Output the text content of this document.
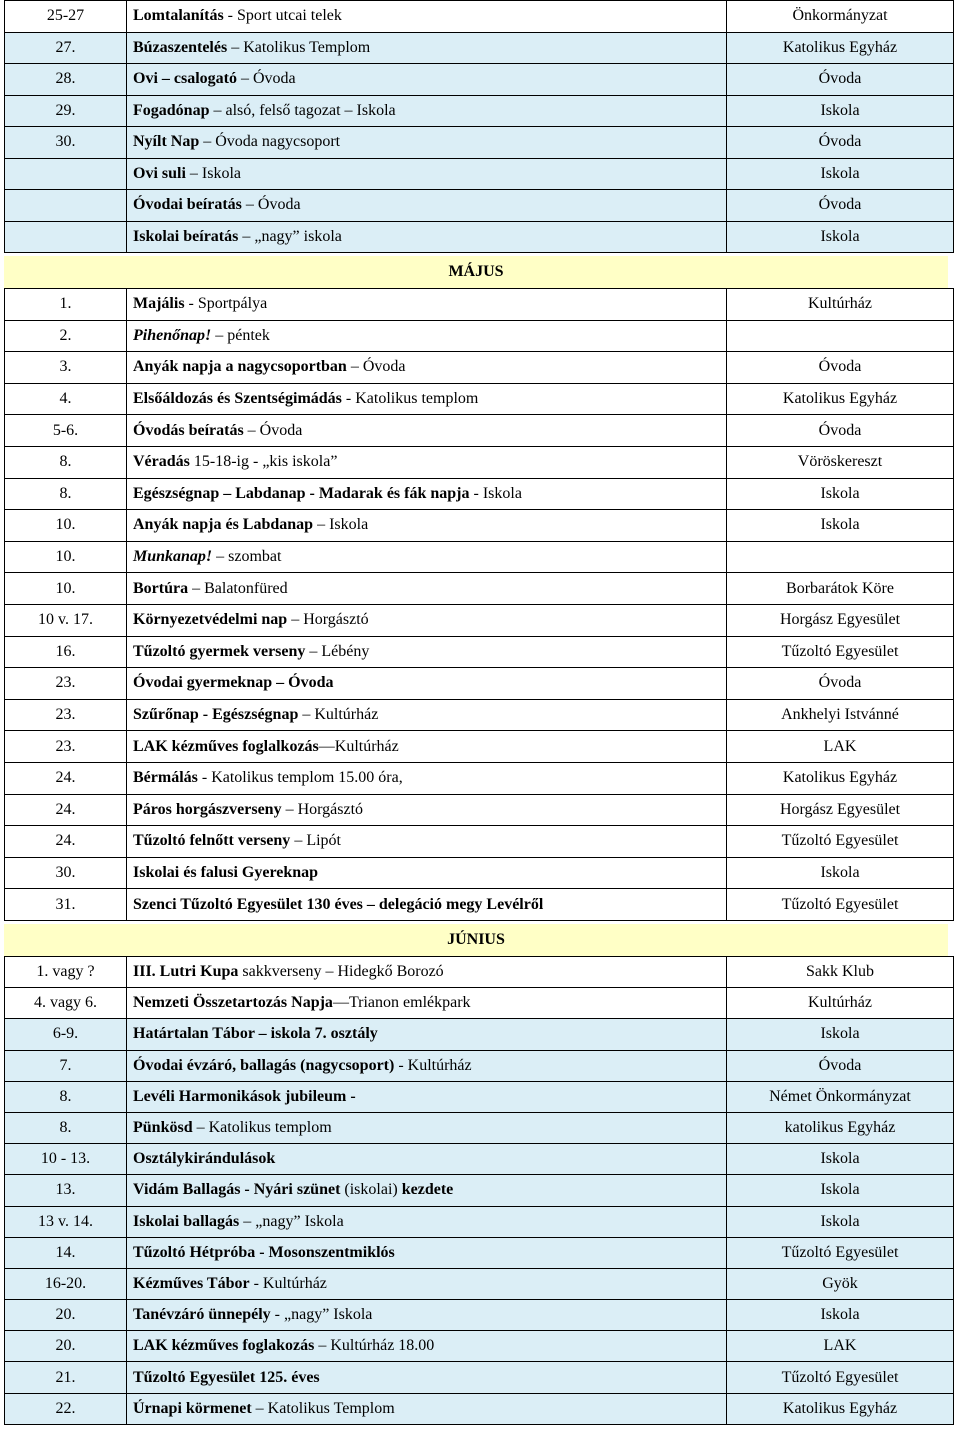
25-27	Lomtalanítás - Sport utcai telek	Önkormányzat
27.	Búzaszentelés – Katolikus Templom	Katolikus Egyház
28.	Ovi – csalogató – Óvoda	Óvoda
29.	Fogadónap – alsó, felső tagozat – Iskola	Iskola
30.	Nyílt Nap – Óvoda nagycsoport	Óvoda
	Ovi suli – Iskola	Iskola
	Óvodai beíratás – Óvoda	Óvoda
	Iskolai beíratás – „nagy” iskola	Iskola
MÁJUS
1.	Majális - Sportpálya	Kultúrház
2.	Pihenőnap! – péntek	
3.	Anyák napja a nagycsoportban – Óvoda	Óvoda
4.	Elsőáldozás és Szentségimádás - Katolikus templom	Katolikus Egyház
5-6.	Óvodás beíratás – Óvoda	Óvoda
8.	Véradás 15-18-ig - „kis iskola”	Vöröskereszt
8.	Egészségnap – Labdanap - Madarak és fák napja - Iskola	Iskola
10.	Anyák napja és Labdanap – Iskola	Iskola
10.	Munkanap! – szombat	
10.	Bortúra – Balatonfüred	Borbarátok Köre
10 v. 17.	Környezetvédelmi nap – Horgásztó	Horgász Egyesület
16.	Tűzoltó gyermek verseny – Lébény	Tűzoltó Egyesület
23.	Óvodai gyermeknap – Óvoda	Óvoda
23.	Szűrőnap - Egészségnap – Kultúrház	Ankhelyi Istvánné
23.	LAK kézműves foglalkozás—Kultúrház	LAK
24.	Bérmálás - Katolikus templom 15.00 óra,	Katolikus Egyház
24.	Páros horgászverseny – Horgásztó	Horgász Egyesület
24.	Tűzoltó felnőtt verseny – Lipót	Tűzoltó Egyesület
30.	Iskolai és falusi Gyereknap	Iskola
31.	Szenci Tűzoltó Egyesület 130 éves – delegáció megy Levélről	Tűzoltó Egyesület
JÚNIUS
1. vagy ?	III. Lutri Kupa sakkverseny – Hidegkő Borozó	Sakk Klub
4. vagy 6.	Nemzeti Összetartozás Napja—Trianon emlékpark	Kultúrház
6-9.	Határtalan Tábor – iskola 7. osztály	Iskola
7.	Óvodai évzáró, ballagás (nagycsoport) - Kultúrház	Óvoda
8.	Levéli Harmonikások jubileum -	Német Önkormányzat
8.	Pünkösd – Katolikus templom	katolikus Egyház
10 - 13.	Osztálykirándulások	Iskola
13.	Vidám Ballagás - Nyári szünet (iskolai) kezdete	Iskola
13 v. 14.	Iskolai ballagás – „nagy” Iskola	Iskola
14.	Tűzoltó Hétpróba - Mosonszentmiklós	Tűzoltó Egyesület
16-20.	Kézműves Tábor - Kultúrház	Gyök
20.	Tanévzáró ünnepély - „nagy” Iskola	Iskola
20.	LAK kézműves foglakozás – Kultúrház 18.00	LAK
21.	Tűzoltó Egyesület 125. éves	Tűzoltó Egyesület
22.	Úrnapi körmenet – Katolikus Templom	Katolikus Egyház
